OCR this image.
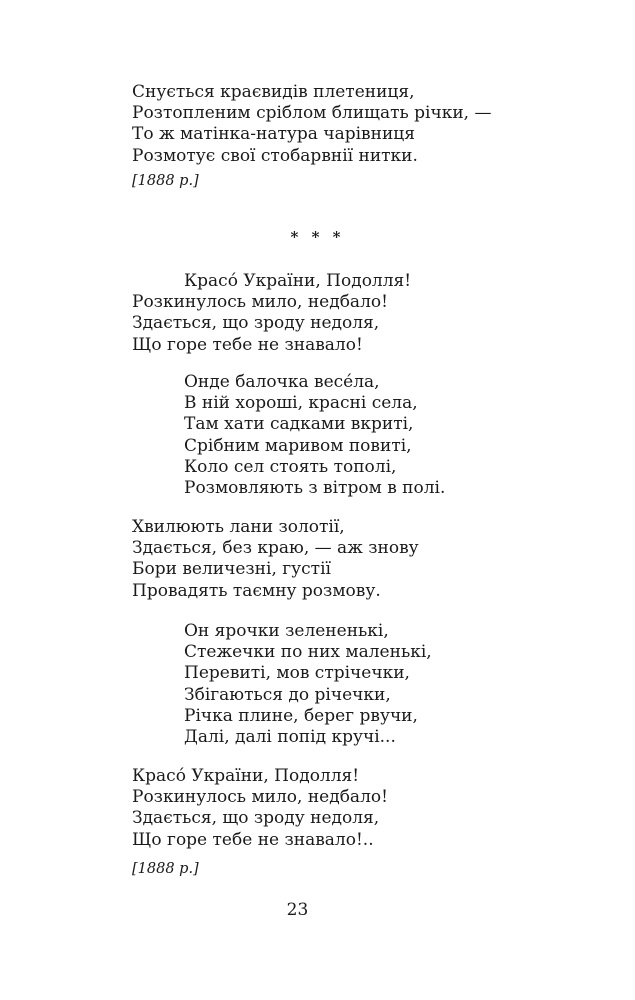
Снується краєвидів плетениця,
Розтопленим сріблом блищать річки, —
То ж матінка-натура чарівниця
Розмотує свої стобарвнії нитки.
[1888 р.]
* * *
Красо́ України, Подолля!
Розкинулось мило, недбало!
Здається, що зроду недоля,
Що горе тебе не знавало!
Онде балочка весе́ла,
В ній хороші, красні села,
Там хати садками вкриті,
Срібним маривом повиті,
Коло сел стоять тополі,
Розмовляють з вітром в полі.
Хвилюють лани золотії,
Здається, без краю, — аж знову
Бори величезні, густії
Провадять таємну розмову.
Он ярочки зелененькі,
Стежечки по них маленькі,
Перевиті, мов стрічечки,
Збігаються до річечки,
Річка плине, берег рвучи,
Далі, далі попід кручі...
Красо́ України, Подолля!
Розкинулось мило, недбало!
Здається, що зроду недоля,
Що горе тебе не знавало!..
[1888 р.]
23
